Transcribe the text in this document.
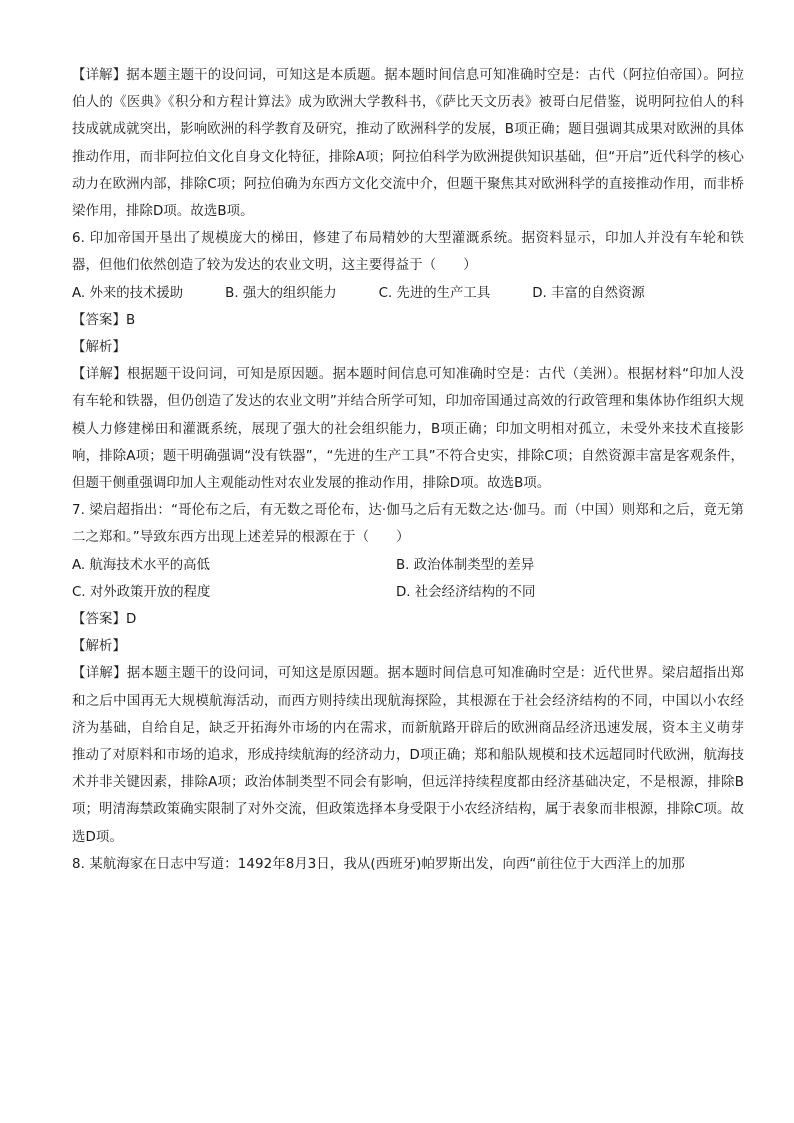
【详解】据本题主题干的设问词，可知这是本质题。据本题时间信息可知准确时空是：古代（阿拉伯帝国）。阿拉伯人的《医典》《积分和方程计算法》成为欧洲大学教科书，《萨比天文历表》被哥白尼借鉴，说明阿拉伯人的科技成就成就突出，影响欧洲的科学教育及研究，推动了欧洲科学的发展，B项正确；题目强调其成果对欧洲的具体推动作用，而非阿拉伯文化自身文化特征，排除A项；阿拉伯科学为欧洲提供知识基础，但“开启”近代科学的核心动力在欧洲内部，排除C项；阿拉伯确为东西方文化交流中介，但题干聚焦其对欧洲科学的直接推动作用，而非桥梁作用，排除D项。故选B项。

6. 印加帝国开垦出了规模庞大的梯田，修建了布局精妙的大型灌溉系统。据资料显示，印加人并没有车轮和铁器，但他们依然创造了较为发达的农业文明，这主要得益于（　　）

A. 外来的技术援助	B. 强大的组织能力	C. 先进的生产工具	D. 丰富的自然资源

【答案】B

【解析】

【详解】根据题干设问词，可知是原因题。据本题时间信息可知准确时空是：古代（美洲）。根据材料“印加人没有车轮和铁器，但仍创造了发达的农业文明”并结合所学可知，印加帝国通过高效的行政管理和集体协作组织大规模人力修建梯田和灌溉系统，展现了强大的社会组织能力，B项正确；印加文明相对孤立，未受外来技术直接影响，排除A项；题干明确强调“没有铁器”，“先进的生产工具”不符合史实，排除C项；自然资源丰富是客观条件，但题干侧重强调印加人主观能动性对农业发展的推动作用，排除D项。故选B项。

7. 梁启超指出：“哥伦布之后，有无数之哥伦布，达·伽马之后有无数之达·伽马。而（中国）则郑和之后，竟无第二之郑和。”导致东西方出现上述差异的根源在于（　　）

A. 航海技术水平的高低	B. 政治体制类型的差异
C. 对外政策开放的程度	D. 社会经济结构的不同

【答案】D

【解析】

【详解】据本题主题干的设问词，可知这是原因题。据本题时间信息可知准确时空是：近代世界。梁启超指出郑和之后中国再无大规模航海活动，而西方则持续出现航海探险，其根源在于社会经济结构的不同，中国以小农经济为基础，自给自足，缺乏开拓海外市场的内在需求，而新航路开辟后的欧洲商品经济迅速发展，资本主义萌芽推动了对原料和市场的追求，形成持续航海的经济动力，D项正确；郑和船队规模和技术远超同时代欧洲，航海技术并非关键因素，排除A项；政治体制类型不同会有影响，但远洋持续程度都由经济基础决定，不是根源，排除B项；明清海禁政策确实限制了对外交流，但政策选择本身受限于小农经济结构，属于表象而非根源，排除C项。故选D项。

8. 某航海家在日志中写道：1492年8月3日，我从(西班牙)帕罗斯出发，向西“前往位于大西洋上的加那
